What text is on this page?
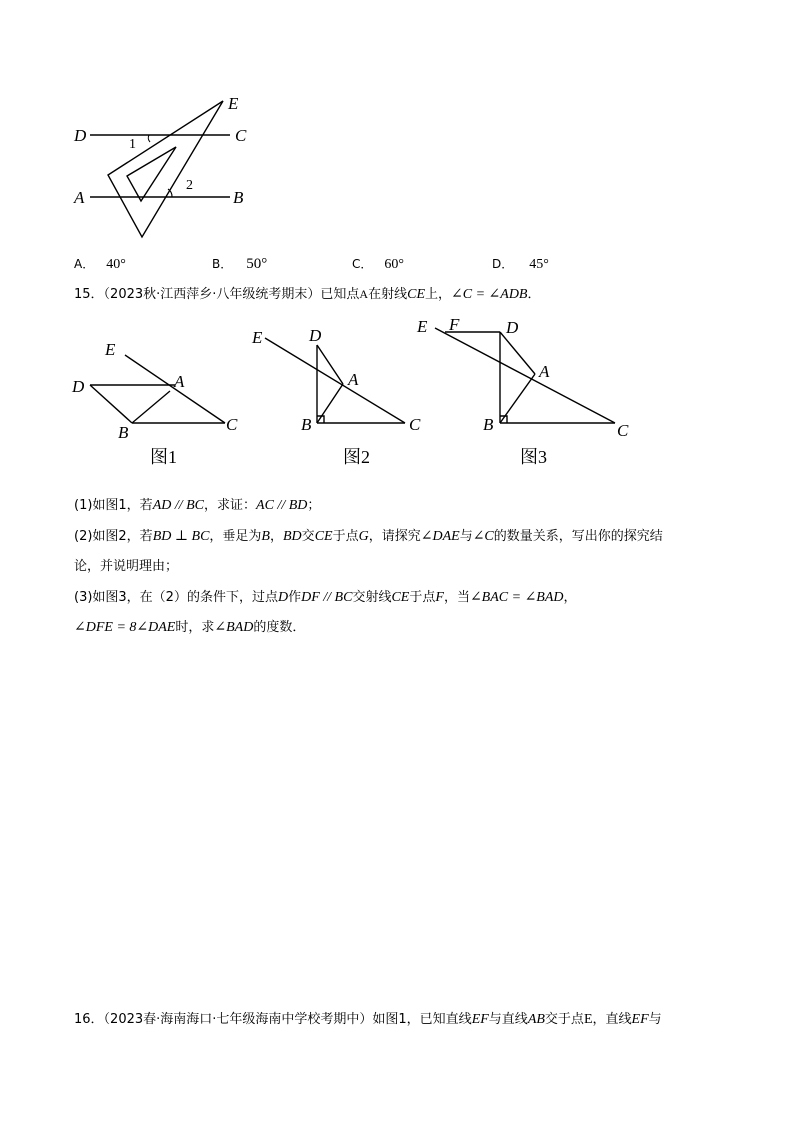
D	C
A	B
E
1
2
A． 40°	B． 50°	C． 60°	D． 45°
15．（2023秋·江西萍乡·八年级统考期末）已知点A在射线CE上，∠C = ∠ADB．
E
D	A
B	C
图1
E	D
A
B	C
图2
E F	D
A
B	C
图3
(1)如图1，若AD // BC，求证：AC // BD；
(2)如图2，若BD ⊥ BC，垂足为B，BD交CE于点G，请探究∠DAE与∠C的数量关系，写出你的探究结
论，并说明理由；
(3)如图3，在（2）的条件下，过点D作DF // BC交射线CE于点F，当∠BAC = ∠BAD，
∠DFE = 8∠DAE时，求∠BAD的度数．
16．（2023春·海南海口·七年级海南中学校考期中）如图1，已知直线EF与直线AB交于点E，直线EF与
